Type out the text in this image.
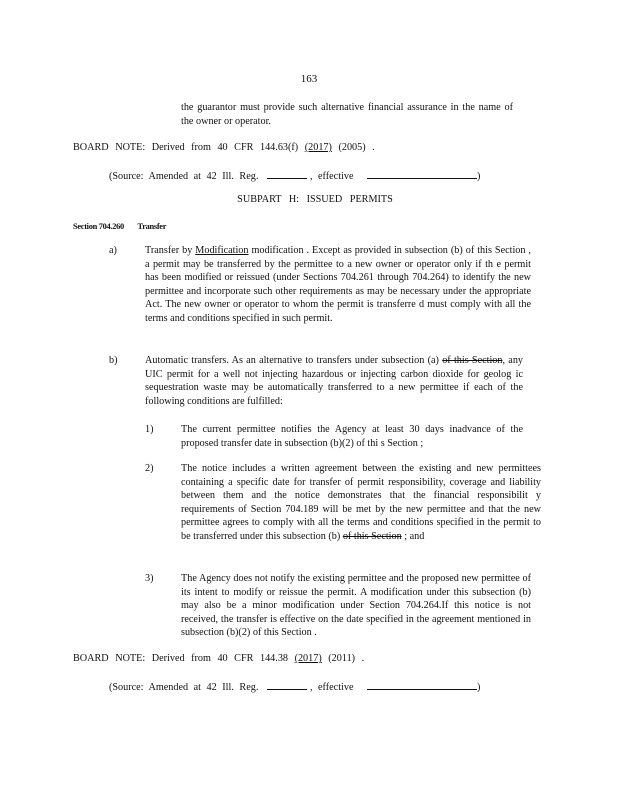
163
the guarantor must provide such alternative financial assurance in the name of the owner or operator.
BOARD NOTE: Derived from 40 CFR 144.63(f) (2017) (2005) .
(Source: Amended at 42 Ill. Reg.	, effective	)
SUBPART H: ISSUED PERMITS
Section 704.260 Transfer
a)	Transfer by Modification modification . Except as provided in subsection (b) of this Section , a permit may be transferred by the permittee to a new owner or operator only if th e permit has been modified or reissued (under Sections 704.261 through 704.264) to identify the new permittee and incorporate such other requirements as may be necessary under the appropriate Act. The new owner or operator to whom the permit is transferre d must comply with all the terms and conditions specified in such permit.
b)	Automatic transfers. As an alternative to transfers under subsection (a) of this Section, any UIC permit for a well not injecting hazardous or injecting carbon dioxide for geolog ic sequestration waste may be automatically transferred to a new permittee if each of the following conditions are fulfilled:
1)	The current permittee notifies the Agency at least 30 days inadvance of the proposed transfer date in subsection (b)(2) of thi s Section ;
2)	The notice includes a written agreement between the existing and new permittees containing a specific date for transfer of permit responsibility, coverage and liability between them and the notice demonstrates that the financial responsibilit y requirements of Section 704.189 will be met by the new permittee and that the new permittee agrees to comply with all the terms and conditions specified in the permit to be transferred under this subsection (b) of this Section ; and
3)	The Agency does not notify the existing permittee and the proposed new permittee of its intent to modify or reissue the permit. A modification under this subsection (b) may also be a minor modification under Section 704.264.If this notice is not received, the transfer is effective on the date specified in the agreement mentioned in subsection (b)(2) of this Section .
BOARD NOTE: Derived from 40 CFR 144.38 (2017) (2011) .
(Source: Amended at 42 Ill. Reg.	, effective	)
